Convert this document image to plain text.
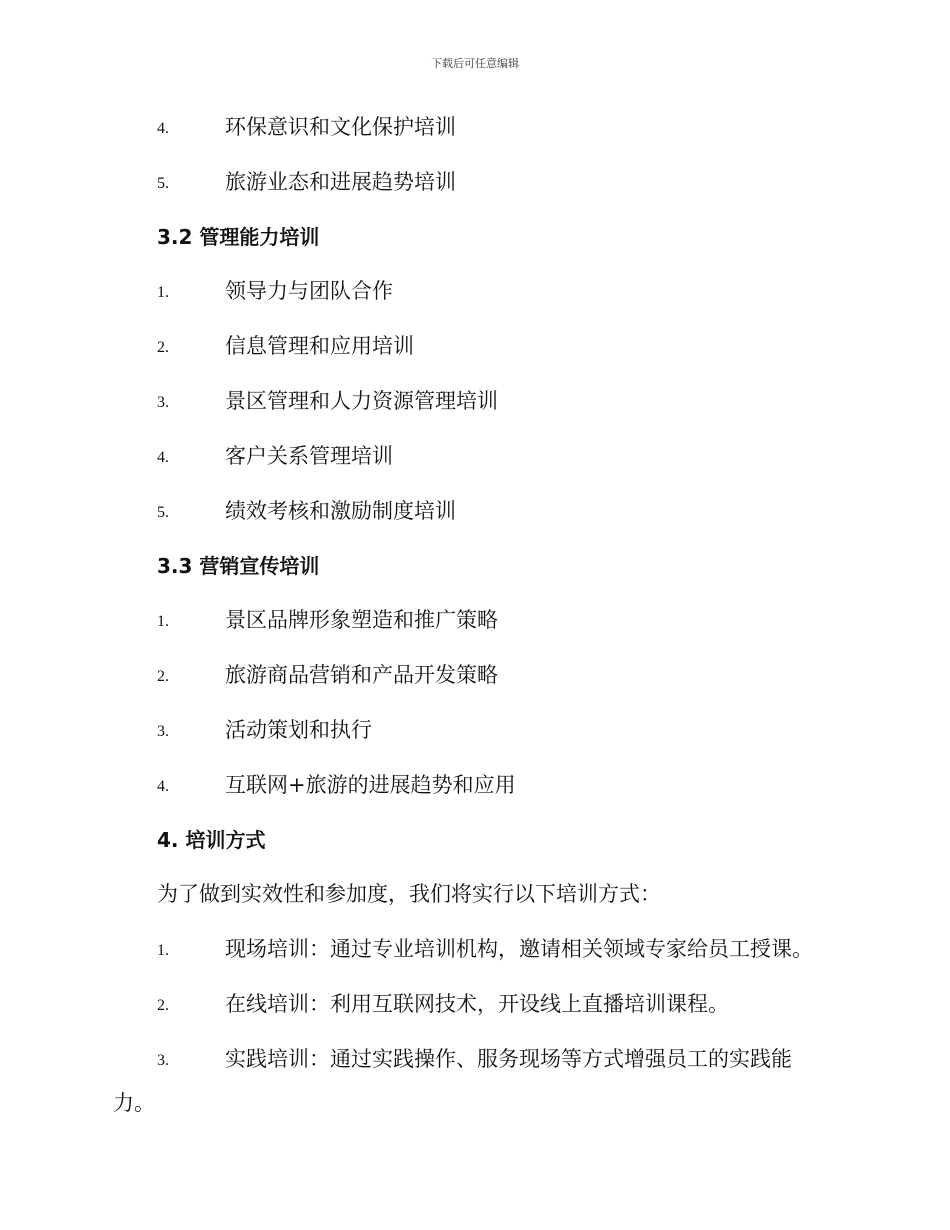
下载后可任意编辑
4.	环保意识和文化保护培训
5.	旅游业态和进展趋势培训
3.2 管理能力培训
1.	领导力与团队合作
2.	信息管理和应用培训
3.	景区管理和人力资源管理培训
4.	客户关系管理培训
5.	绩效考核和激励制度培训
3.3 营销宣传培训
1.	景区品牌形象塑造和推广策略
2.	旅游商品营销和产品开发策略
3.	活动策划和执行
4.	互联网+旅游的进展趋势和应用
4. 培训方式
为了做到实效性和参加度，我们将实行以下培训方式：
1.	现场培训：通过专业培训机构，邀请相关领域专家给员工授课。
2.	在线培训：利用互联网技术，开设线上直播培训课程。
3.	实践培训：通过实践操作、服务现场等方式增强员工的实践能
力。
